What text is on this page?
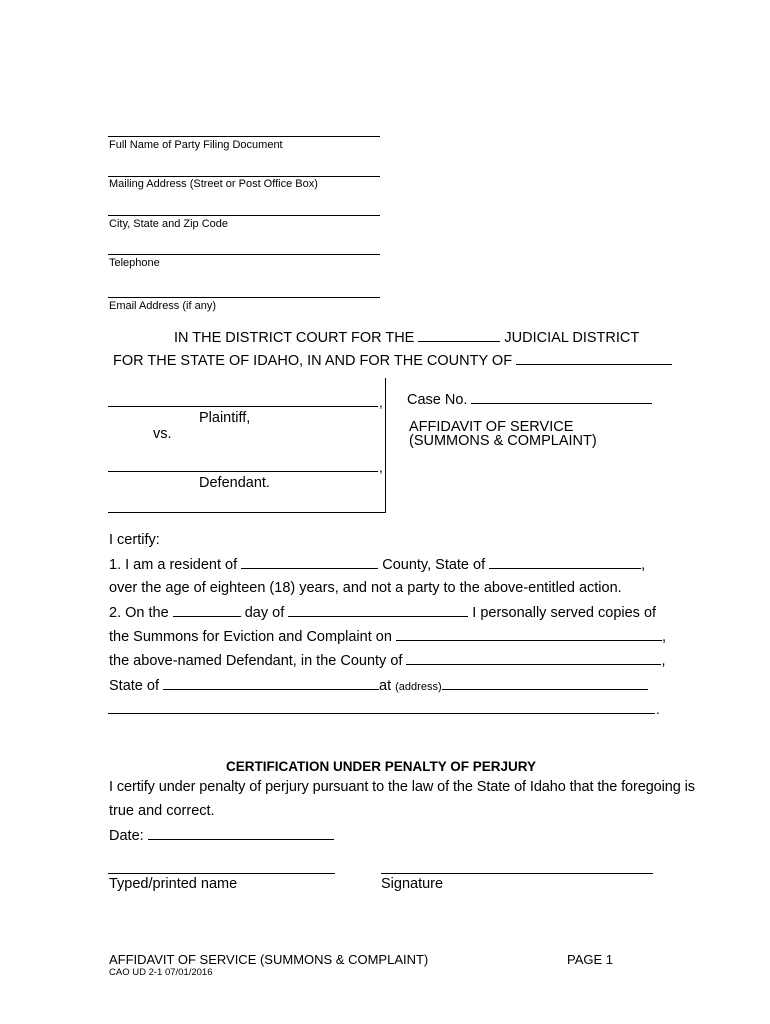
Full Name of Party Filing Document
Mailing Address (Street or Post Office Box)
City, State and Zip Code
Telephone
Email Address (if any)
IN THE DISTRICT COURT FOR THE	JUDICIAL DISTRICT
FOR THE STATE OF IDAHO, IN AND FOR THE COUNTY OF
,
Plaintiff,
vs.
,
Defendant.
Case No.
AFFIDAVIT OF SERVICE
(SUMMONS & COMPLAINT)
I certify:
1. I am a resident of	County, State of	,
over the age of eighteen (18) years, and not a party to the above-entitled action.
2. On the	day of	I personally served copies of
the Summons for Eviction and Complaint on	,
the above-named Defendant, in the County of	,
State of	at (address)
.
CERTIFICATION UNDER PENALTY OF PERJURY
I certify under penalty of perjury pursuant to the law of the State of Idaho that the foregoing is
true and correct.
Date:
Typed/printed name	Signature
AFFIDAVIT OF SERVICE (SUMMONS & COMPLAINT)	PAGE 1
CAO UD 2-1 07/01/2016
